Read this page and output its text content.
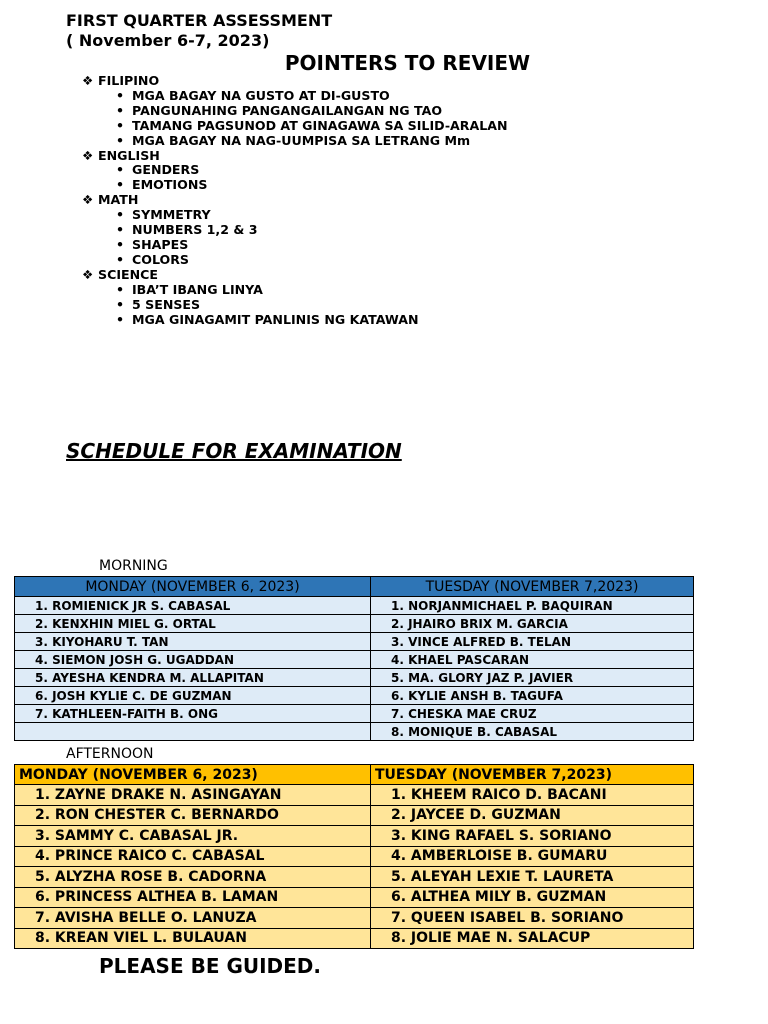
FIRST QUARTER ASSESSMENT
( November 6-7, 2023)
POINTERS TO REVIEW
❖ FILIPINO
• MGA BAGAY NA GUSTO AT DI-GUSTO
• PANGUNAHING PANGANGAILANGAN NG TAO
• TAMANG PAGSUNOD AT GINAGAWA SA SILID-ARALAN
• MGA BAGAY NA NAG-UUMPISA SA LETRANG Mm
❖ ENGLISH
• GENDERS
• EMOTIONS
❖ MATH
• SYMMETRY
• NUMBERS 1,2 & 3
• SHAPES
• COLORS
❖ SCIENCE
• IBA’T IBANG LINYA
• 5 SENSES
• MGA GINAGAMIT PANLINIS NG KATAWAN
SCHEDULE FOR EXAMINATION
MORNING
MONDAY (NOVEMBER 6, 2023)	TUESDAY (NOVEMBER 7,2023)
1. ROMIENICK JR S. CABASAL	1. NORJANMICHAEL P. BAQUIRAN
2. KENXHIN MIEL G. ORTAL	2. JHAIRO BRIX M. GARCIA
3. KIYOHARU T. TAN	3. VINCE ALFRED B. TELAN
4. SIEMON JOSH G. UGADDAN	4. KHAEL PASCARAN
5. AYESHA KENDRA M. ALLAPITAN	5. MA. GLORY JAZ P. JAVIER
6. JOSH KYLIE C. DE GUZMAN	6. KYLIE ANSH B. TAGUFA
7. KATHLEEN-FAITH B. ONG	7. CHESKA MAE CRUZ
	8. MONIQUE B. CABASAL
AFTERNOON
MONDAY (NOVEMBER 6, 2023)	TUESDAY (NOVEMBER 7,2023)
1. ZAYNE DRAKE N. ASINGAYAN	1. KHEEM RAICO D. BACANI
2. RON CHESTER C. BERNARDO	2. JAYCEE D. GUZMAN
3. SAMMY C. CABASAL JR.	3. KING RAFAEL S. SORIANO
4. PRINCE RAICO C. CABASAL	4. AMBERLOISE B. GUMARU
5. ALYZHA ROSE B. CADORNA	5. ALEYAH LEXIE T. LAURETA
6. PRINCESS ALTHEA B. LAMAN	6. ALTHEA MILY B. GUZMAN
7. AVISHA BELLE O. LANUZA	7. QUEEN ISABEL B. SORIANO
8. KREAN VIEL L. BULAUAN	8. JOLIE MAE N. SALACUP
PLEASE BE GUIDED.
